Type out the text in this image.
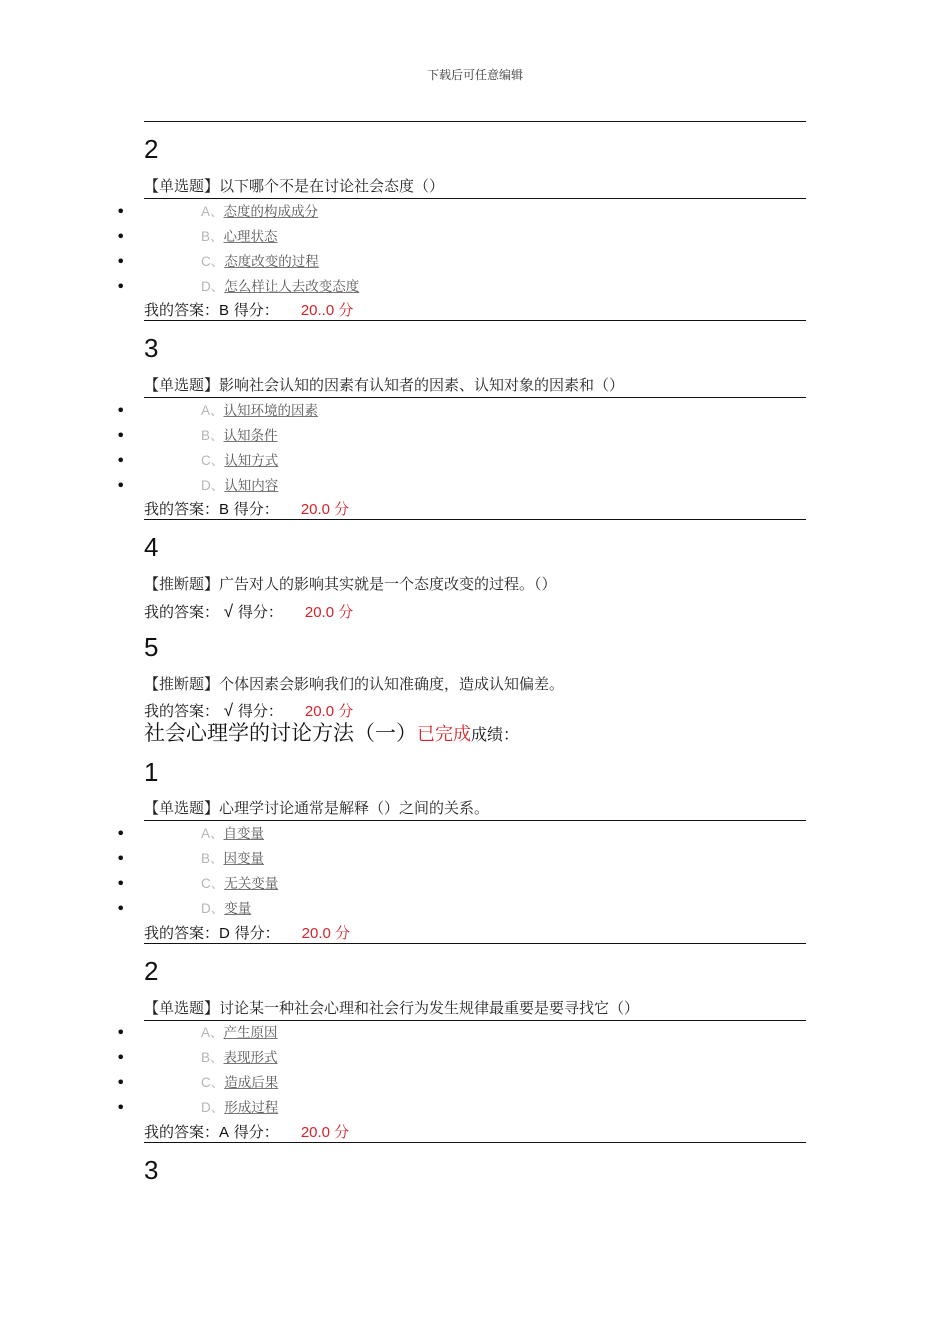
下载后可任意编辑
2
【单选题】以下哪个不是在讨论社会态度（）
•	A、态度的构成成分
•	B、心理状态
•	C、态度改变的过程
•	D、怎么样让人去改变态度
我的答案：B 得分： 20..0 分
3
【单选题】影响社会认知的因素有认知者的因素、认知对象的因素和（）
•	A、认知环境的因素
•	B、认知条件
•	C、认知方式
•	D、认知内容
我的答案：B 得分： 20.0 分
4
【推断题】广告对人的影响其实就是一个态度改变的过程。（）
我的答案： √ 得分： 20.0 分
5
【推断题】个体因素会影响我们的认知准确度，造成认知偏差。
我的答案： √ 得分： 20.0 分
社会心理学的讨论方法（一）已完成成绩：
1
【单选题】心理学讨论通常是解释（）之间的关系。
•	A、自变量
•	B、因变量
•	C、无关变量
•	D、变量
我的答案：D 得分： 20.0 分
2
【单选题】讨论某一种社会心理和社会行为发生规律最重要是要寻找它（）
•	A、产生原因
•	B、表现形式
•	C、造成后果
•	D、形成过程
我的答案：A 得分： 20.0 分
3
